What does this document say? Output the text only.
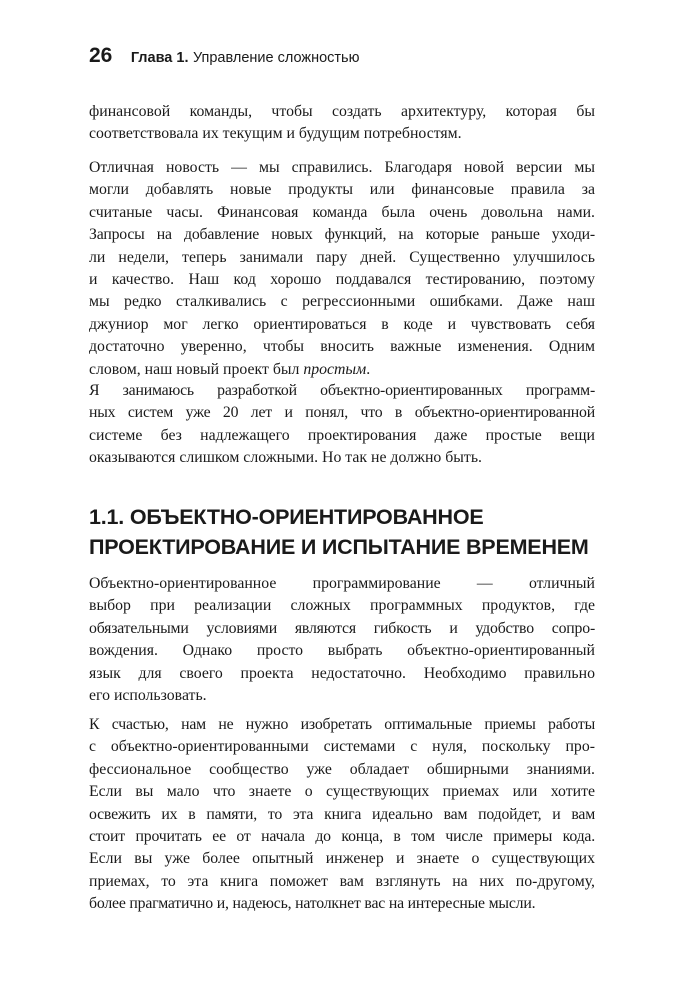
26 Глава 1. Управление сложностью
финансовой команды, чтобы создать архитектуру, которая бы
соответствовала их текущим и будущим потребностям.
Отличная новость — мы справились. Благодаря новой версии мы
могли добавлять новые продукты или финансовые правила за
считаные часы. Финансовая команда была очень довольна нами.
Запросы на добавление новых функций, на которые раньше уходи-
ли недели, теперь занимали пару дней. Существенно улучшилось
и качество. Наш код хорошо поддавался тестированию, поэтому
мы редко сталкивались с регрессионными ошибками. Даже наш
джуниор мог легко ориентироваться в коде и чувствовать себя
достаточно уверенно, чтобы вносить важные изменения. Одним
словом, наш новый проект был простым.
Я занимаюсь разработкой объектно-ориентированных программ-
ных систем уже 20 лет и понял, что в объектно-ориентированной
системе без надлежащего проектирования даже простые вещи
оказываются слишком сложными. Но так не должно быть.
1.1. ОБЪЕКТНО-ОРИЕНТИРОВАННОЕ
ПРОЕКТИРОВАНИЕ И ИСПЫТАНИЕ ВРЕМЕНЕМ
Объектно-ориентированное программирование — отличный
выбор при реализации сложных программных продуктов, где
обязательными условиями являются гибкость и удобство сопро-
вождения. Однако просто выбрать объектно-ориентированный
язык для своего проекта недостаточно. Необходимо правильно
его использовать.
К счастью, нам не нужно изобретать оптимальные приемы работы
с объектно-ориентированными системами с нуля, поскольку про-
фессиональное сообщество уже обладает обширными знаниями.
Если вы мало что знаете о существующих приемах или хотите
освежить их в памяти, то эта книга идеально вам подойдет, и вам
стоит прочитать ее от начала до конца, в том числе примеры кода.
Если вы уже более опытный инженер и знаете о существующих
приемах, то эта книга поможет вам взглянуть на них по-другому,
более прагматично и, надеюсь, натолкнет вас на интересные мысли.
